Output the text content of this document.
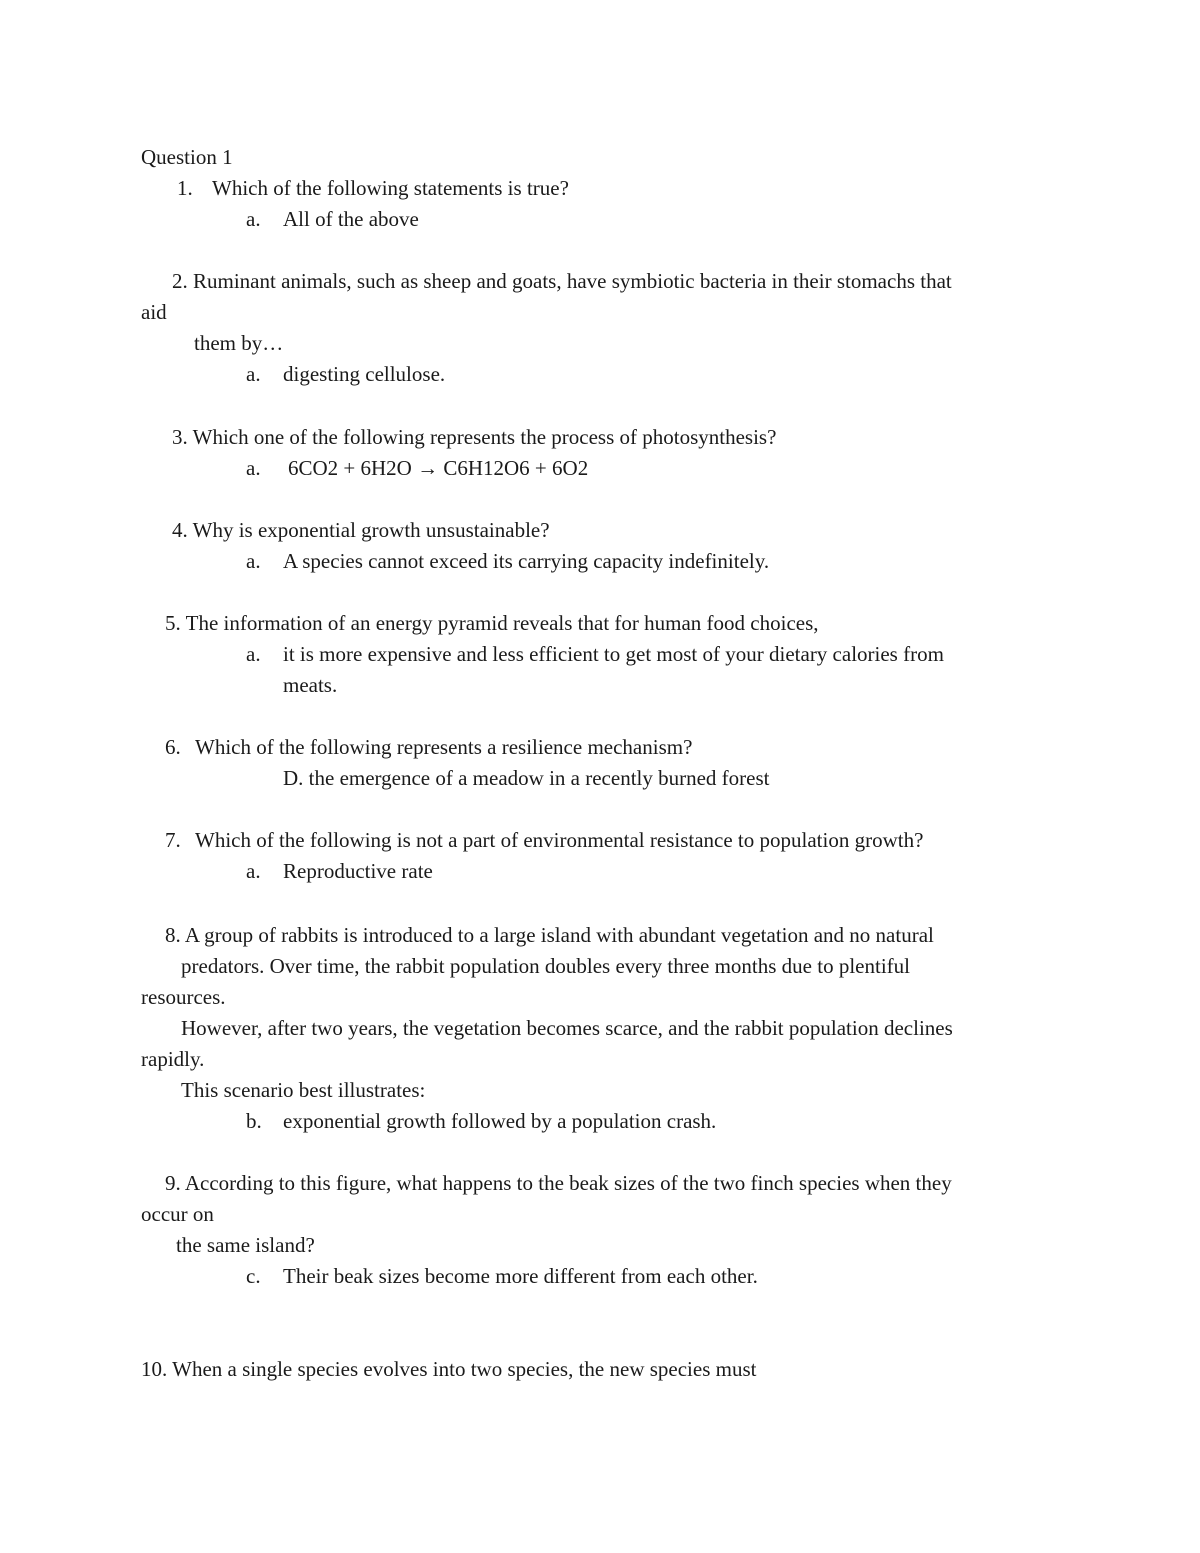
Question 1
1. Which of the following statements is true?
a. All of the above
2. Ruminant animals, such as sheep and goats, have symbiotic bacteria in their stomachs that
aid
them by…
a. digesting cellulose.
3. Which one of the following represents the process of photosynthesis?
a. 6CO2 + 6H2O → C6H12O6 + 6O2
4. Why is exponential growth unsustainable?
a. A species cannot exceed its carrying capacity indefinitely.
5. The information of an energy pyramid reveals that for human food choices,
a. it is more expensive and less efficient to get most of your dietary calories from
meats.
6. Which of the following represents a resilience mechanism?
D. the emergence of a meadow in a recently burned forest
7. Which of the following is not a part of environmental resistance to population growth?
a. Reproductive rate
8. A group of rabbits is introduced to a large island with abundant vegetation and no natural
predators. Over time, the rabbit population doubles every three months due to plentiful
resources.
However, after two years, the vegetation becomes scarce, and the rabbit population declines
rapidly.
This scenario best illustrates:
b. exponential growth followed by a population crash.
9. According to this figure, what happens to the beak sizes of the two finch species when they
occur on
the same island?
c. Their beak sizes become more different from each other.
10. When a single species evolves into two species, the new species must
